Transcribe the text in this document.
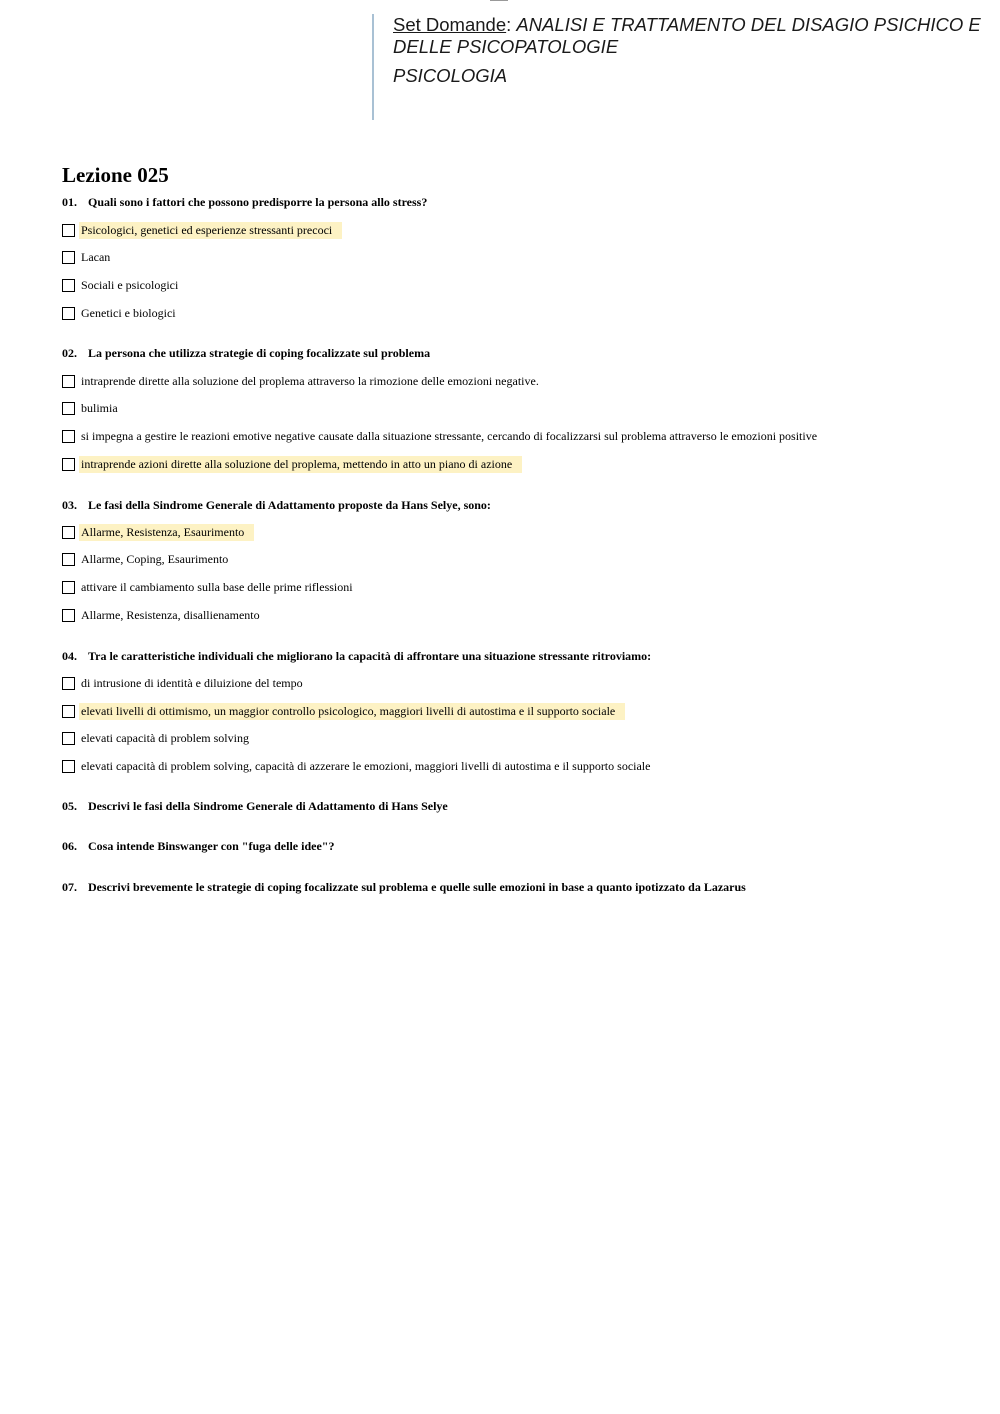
Set Domande: ANALISI E TRATTAMENTO DEL DISAGIO PSICHICO E DELLE PSICOPATOLOGIE
PSICOLOGIA
Lezione 025
01. Quali sono i fattori che possono predisporre la persona allo stress?
Psicologici, genetici ed esperienze stressanti precoci
Lacan
Sociali e psicologici
Genetici e biologici
02. La persona che utilizza strategie di coping focalizzate sul problema
intraprende dirette alla soluzione del proplema attraverso la rimozione delle emozioni negative.
bulimia
si impegna a gestire le reazioni emotive negative causate dalla situazione stressante, cercando di focalizzarsi sul problema attraverso le emozioni positive
intraprende azioni dirette alla soluzione del proplema, mettendo in atto un piano di azione
03. Le fasi della Sindrome Generale di Adattamento proposte da Hans Selye, sono:
Allarme, Resistenza, Esaurimento
Allarme, Coping, Esaurimento
attivare il cambiamento sulla base delle prime riflessioni
Allarme, Resistenza, disallienamento
04. Tra le caratteristiche individuali che migliorano la capacità di affrontare una situazione stressante ritroviamo:
di intrusione di identità e diluizione del tempo
elevati livelli di ottimismo, un maggior controllo psicologico, maggiori livelli di autostima e il supporto sociale
elevati capacità di problem solving
elevati capacità di problem solving, capacità di azzerare le emozioni, maggiori livelli di autostima e il supporto sociale
05. Descrivi le fasi della Sindrome Generale di Adattamento di Hans Selye
06. Cosa intende Binswanger con "fuga delle idee"?
07. Descrivi brevemente le strategie di coping focalizzate sul problema e quelle sulle emozioni in base a quanto ipotizzato da Lazarus
